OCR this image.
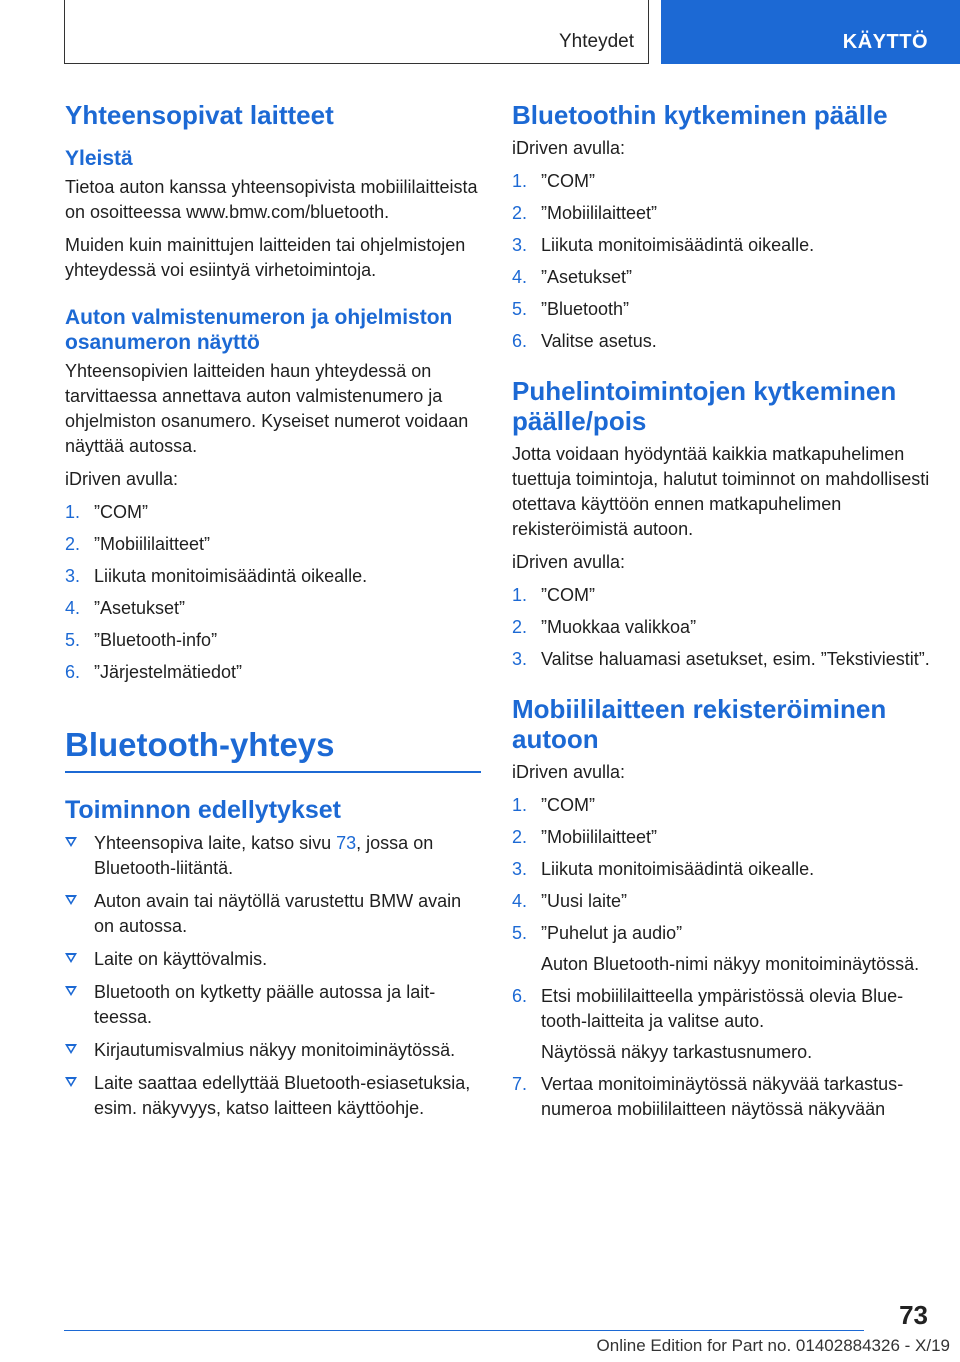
Yhteydet	KÄYTTÖ
Yhteensopivat laitteet
Yleistä

Tietoa auton kanssa yhteensopivista mobiililaitteista on osoitteessa www.bmw.com/bluetooth.

Muiden kuin mainittujen laitteiden tai ohjelmistojen yhteydessä voi esiintyä virhetoimintoja.

Auton valmistenumeron ja ohjelmiston osanumeron näyttö

Yhteensopivien laitteiden haun yhteydessä on tarvittaessa annettava auton valmistenumero ja ohjelmiston osanumero. Kyseiset numerot voidaan näyttää autossa.

iDriven avulla:

1. ”COM”
2. ”Mobiililaitteet”
3. Liikuta monitoimisäädintä oikealle.
4. ”Asetukset”
5. ”Bluetooth-info”
6. ”Järjestelmätiedot”
Bluetooth-yhteys
Toiminnon edellytykset
Yhteensopiva laite, katso sivu 73, jossa on Bluetooth-liitäntä.
Auton avain tai näytöllä varustettu BMW avain on autossa.
Laite on käyttövalmis.
Bluetooth on kytketty päälle autossa ja laitteessa.
Kirjautumisvalmius näkyy monitoiminäytössä.
Laite saattaa edellyttää Bluetooth-esiasetuksia, esim. näkyvyys, katso laitteen käyttöohje.
Bluetoothin kytkeminen päälle

iDriven avulla:

1. ”COM”
2. ”Mobiililaitteet”
3. Liikuta monitoimisäädintä oikealle.
4. ”Asetukset”
5. ”Bluetooth”
6. Valitse asetus.
Puhelintoimintojen kytkeminen päälle/pois

Jotta voidaan hyödyntää kaikkia matkapuhelimen tuettuja toimintoja, halutut toiminnot on mahdollisesti otettava käyttöön ennen matkapuhelimen rekisteröimistä autoon.

iDriven avulla:

1. ”COM”
2. ”Muokkaa valikkoa”
3. Valitse haluamasi asetukset, esim. ”Tekstiviestit”.
Mobiililaitteen rekisteröiminen autoon

iDriven avulla:

1. ”COM”
2. ”Mobiililaitteet”
3. Liikuta monitoimisäädintä oikealle.
4. ”Uusi laite”
5. ”Puhelut ja audio”
Auton Bluetooth-nimi näkyy monitoiminäytössä.
6. Etsi mobiililaitteella ympäristössä olevia Bluetooth-laitteita ja valitse auto.
Näytössä näkyy tarkastusnumero.
7. Vertaa monitoiminäytössä näkyvää tarkastusnumeroa mobiililaitteen näytössä näkyvään
73
Online Edition for Part no. 01402884326 - X/19
